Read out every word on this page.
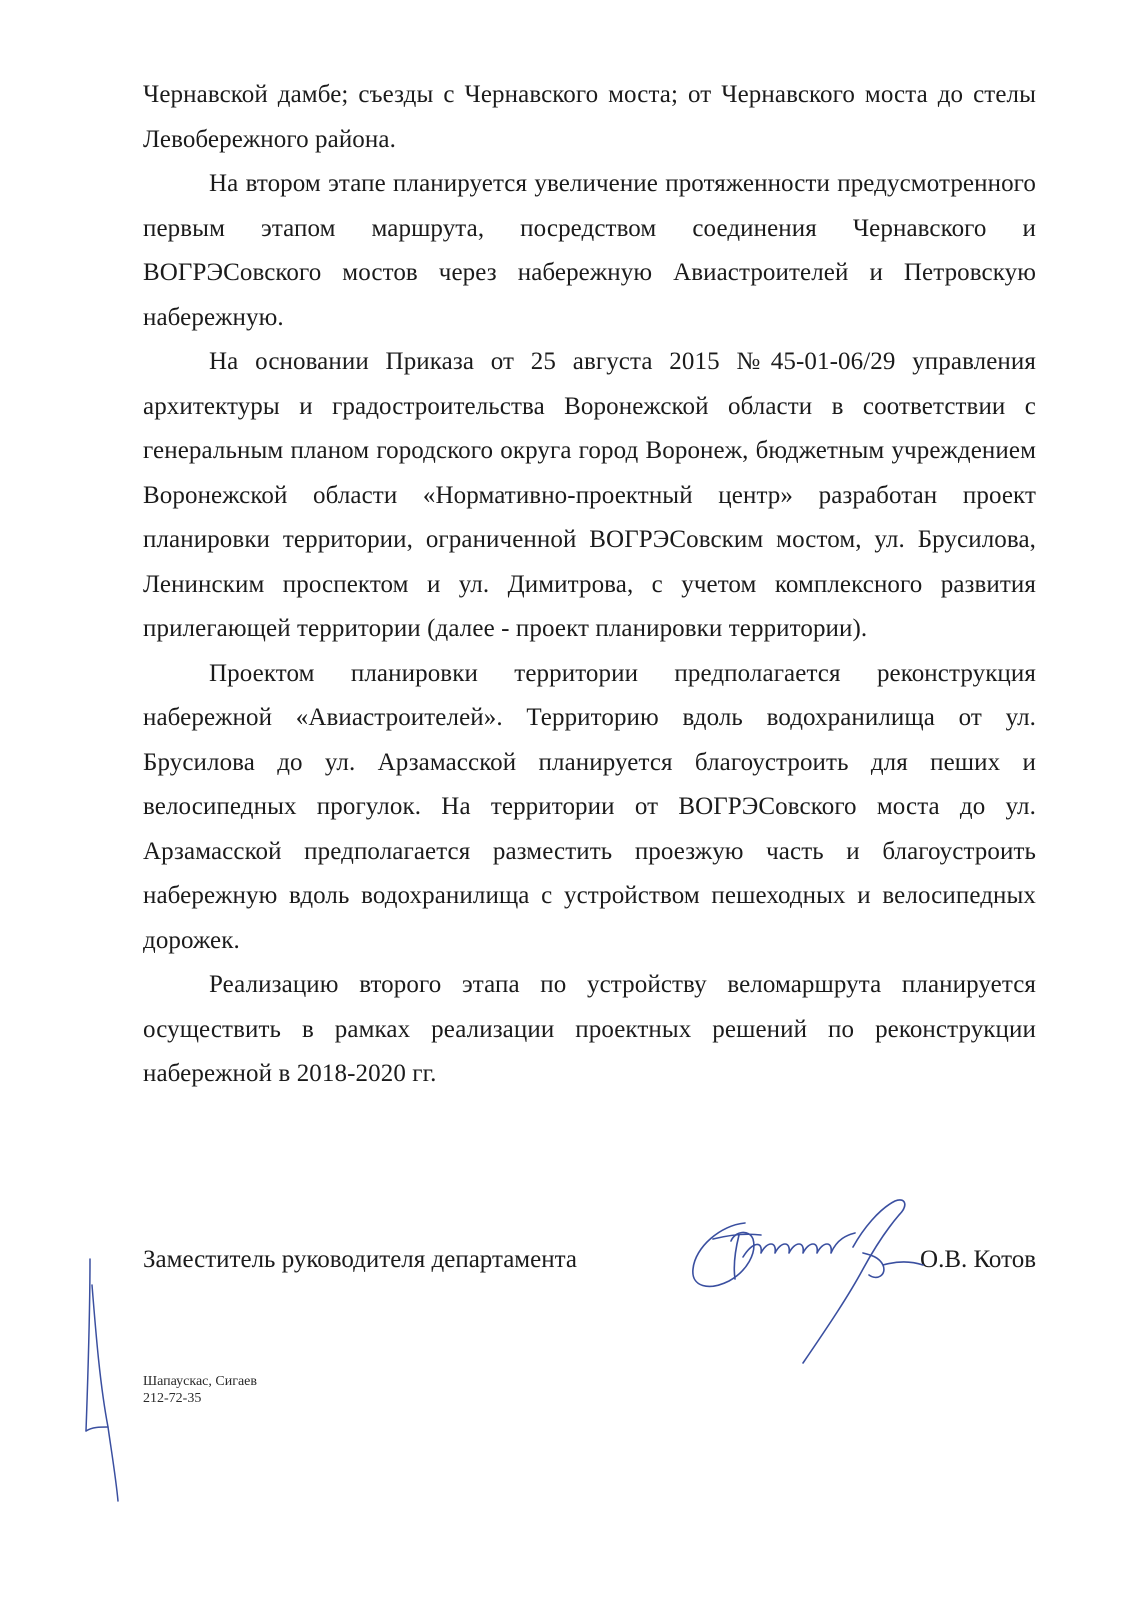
Чернавской дамбе; съезды с Чернавского моста; от Чернавского моста до стелы Левобережного района.

На втором этапе планируется увеличение протяженности предусмотренного первым этапом маршрута, посредством соединения Чернавского и ВОГРЭСовского мостов через набережную Авиастроителей и Петровскую набережную.

На основании Приказа от 25 августа 2015 №45-01-06/29 управления архитектуры и градостроительства Воронежской области в соответствии с генеральным планом городского округа город Воронеж, бюджетным учреждением Воронежской области «Нормативно-проектный центр» разработан проект планировки территории, ограниченной ВОГРЭСовским мостом, ул. Брусилова, Ленинским проспектом и ул. Димитрова, с учетом комплексного развития прилегающей территории (далее - проект планировки территории).

Проектом планировки территории предполагается реконструкция набережной «Авиастроителей». Территорию вдоль водохранилища от ул. Брусилова до ул. Арзамасской планируется благоустроить для пеших и велосипедных прогулок. На территории от ВОГРЭСовского моста до ул. Арзамасской предполагается разместить проезжую часть и благоустроить набережную вдоль водохранилища с устройством пешеходных и велосипедных дорожек.

Реализацию второго этапа по устройству веломаршрута планируется осуществить в рамках реализации проектных решений по реконструкции набережной в 2018-2020 гг.

Заместитель руководителя департамента	О.В. Котов
Шапаускас, Сигаев
212-72-35
